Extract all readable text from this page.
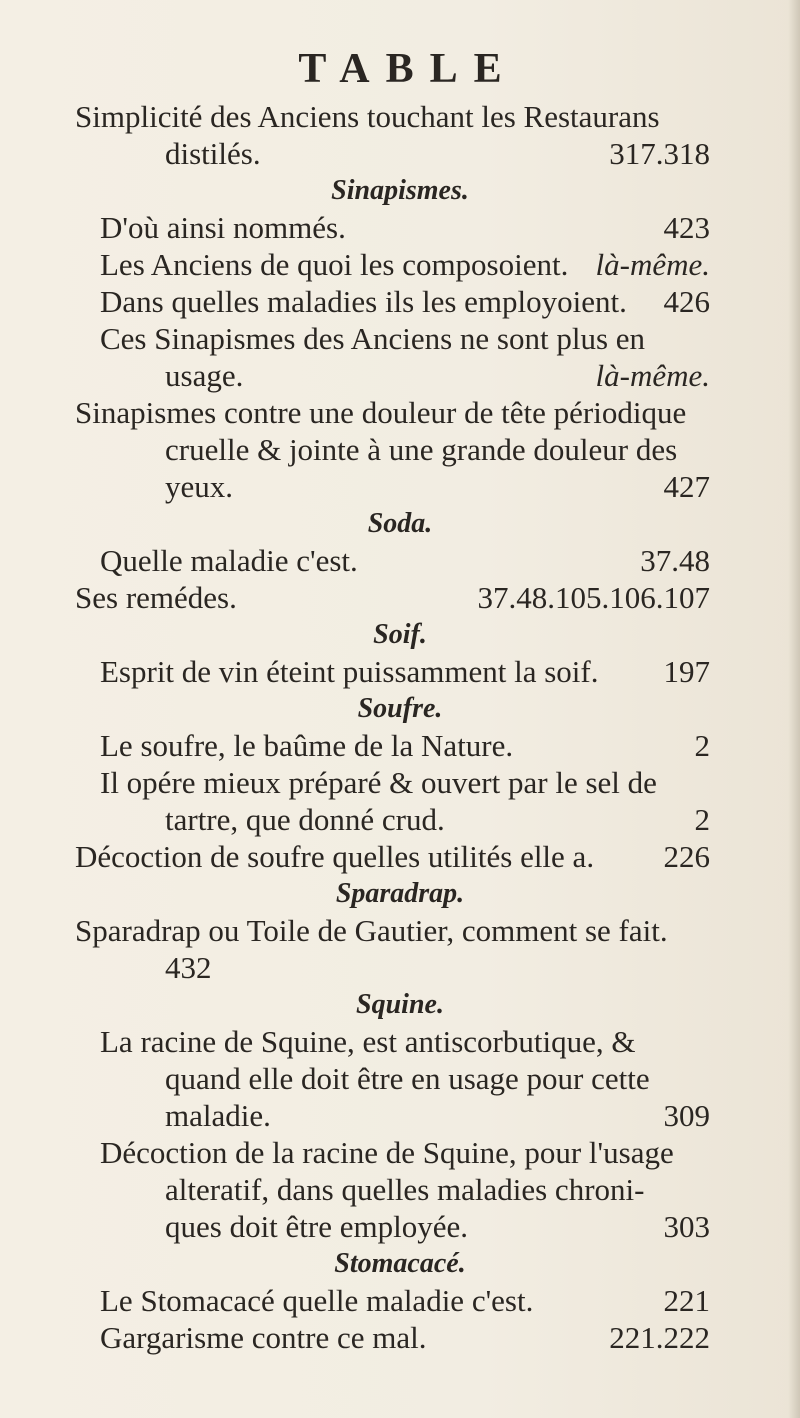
TABLE
Simplicité des Anciens touchant les Restaurans
distilés.	317.318
Sinapismes.
D'où ainsi nommés.	423
Les Anciens de quoi les composoient. là-même.
Dans quelles maladies ils les employoient. 426
Ces Sinapismes des Anciens ne sont plus en
usage.	là-même.
Sinapismes contre une douleur de tête périodique
cruelle & jointe à une grande douleur des
yeux.	427
Soda.
Quelle maladie c'est.	37.48
Ses remédes.	37.48.105.106.107
Soif.
Esprit de vin éteint puissamment la soif. 197
Soufre.
Le soufre, le baûme de la Nature.	2
Il opére mieux préparé & ouvert par le sel de
tartre, que donné crud.	2
Décoction de soufre quelles utilités elle a. 226
Sparadrap.
Sparadrap ou Toile de Gautier, comment se fait.
432
Squine.
La racine de Squine, est antiscorbutique, &
quand elle doit être en usage pour cette
maladie.	309
Décoction de la racine de Squine, pour l'usage
alteratif, dans quelles maladies chroni-
ques doit être employée.	303
Stomacacé.
Le Stomacacé quelle maladie c'est.	221
Gargarisme contre ce mal.	221.222
